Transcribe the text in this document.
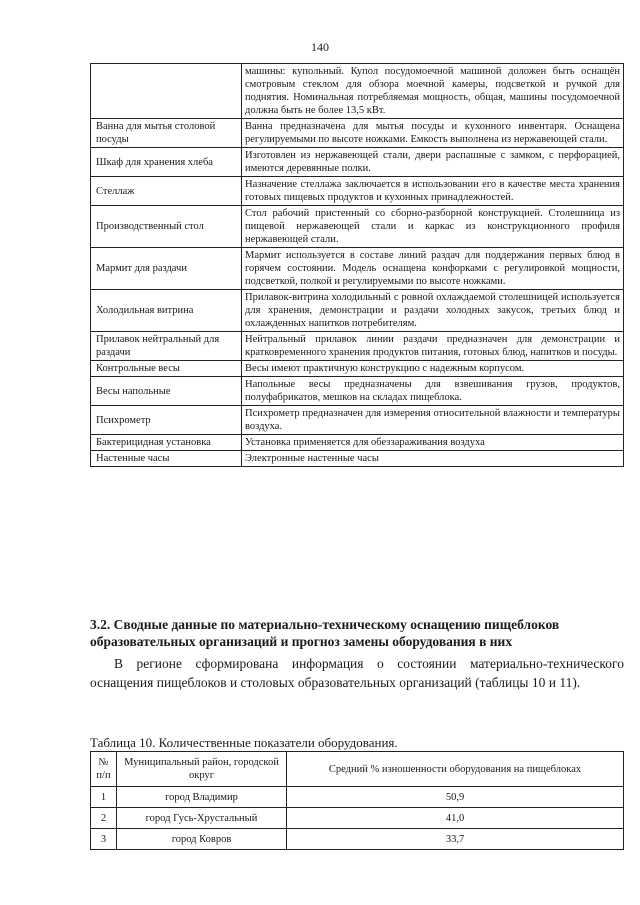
140
	машины: купольный. Купол посудомоечной машиной доложен быть оснащён смотровым стеклом для обзора моечной камеры, подсветкой и ручкой для поднятия. Номинальная потребляемая мощность, общая, машины посудомоечной должна быть не более 13,5 кВт.
Ванна для мытья столовой посуды	Ванна предназначена для мытья посуды и кухонного инвентаря. Оснащена регулируемыми по высоте ножками. Емкость выполнена из нержавеющей стали.
Шкаф для хранения хлеба	Изготовлен из нержавеющей стали, двери распашные с замком, с перфорацией, имеются деревянные полки.
Стеллаж	Назначение стеллажа заключается в использовании его в качестве места хранения готовых пищевых продуктов и кухонных принадлежностей.
Производственный стол	Стол рабочий пристенный со сборно-разборной конструкцией. Столешница из пищевой нержавеющей стали и каркас из конструкционного профиля нержавеющей стали.
Мармит для раздачи	Мармит используется в составе линий раздач для поддержания первых блюд в горячем состоянии. Модель оснащена конфорками с регулировкой мощности, подсветкой, полкой и регулируемыми по высоте ножками.
Холодильная витрина	Прилавок-витрина холодильный с ровной охлаждаемой столешницей используется для хранения, демонстрации и раздачи холодных закусок, третьих блюд и охлажденных напитков потребителям.
Прилавок нейтральный для раздачи	Нейтральный прилавок линии раздачи предназначен для демонстрации и кратковременного хранения продуктов питания, готовых блюд, напитков и посуды.
Контрольные весы	Весы имеют практичную конструкцию с надежным корпусом.
Весы напольные	Напольные весы предназначены для взвешивания грузов, продуктов, полуфабрикатов, мешков на складах пищеблока.
Психрометр	Психрометр предназначен для измерения относительной влажности и температуры воздуха.
Бактерицидная установка	Установка применяется для обеззараживания воздуха
Настенные часы	Электронные настенные часы
3.2. Сводные данные по материально-техническому оснащению пищеблоков образовательных организаций и прогноз замены оборудования в них
В регионе сформирована информация о состоянии материально-технического оснащения пищеблоков и столовых образовательных организаций (таблицы 10 и 11).
Таблица 10. Количественные показатели оборудования.
№ п/п	Муниципальный район, городской округ	Средний % изношенности оборудования на пищеблоках
1	город Владимир	50,9
2	город Гусь-Хрустальный	41,0
3	город Ковров	33,7
